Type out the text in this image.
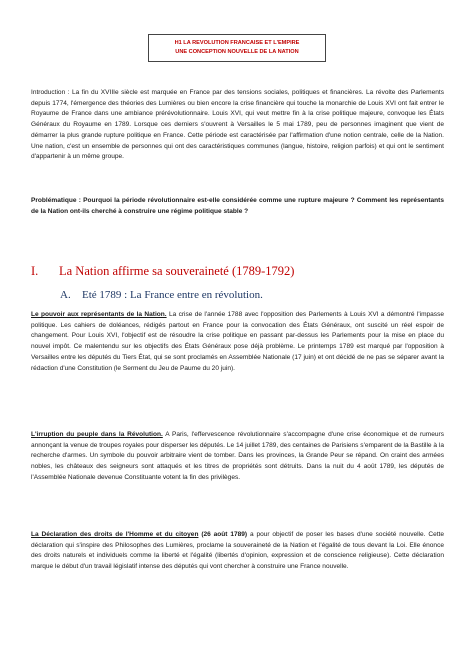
H1 LA REVOLUTION FRANCAISE ET L'EMPIRE
UNE CONCEPTION NOUVELLE DE LA NATION

Introduction : La fin du XVIIIe siècle est marquée en France par des tensions sociales, politiques et financières. La révolte des Parlements depuis 1774, l'émergence des théories des Lumières ou bien encore la crise financière qui touche la monarchie de Louis XVI ont fait entrer le Royaume de France dans une ambiance prérévolutionnaire. Louis XVI, qui veut mettre fin à la crise politique majeure, convoque les États Généraux du Royaume en 1789. Lorsque ces derniers s'ouvrent à Versailles le 5 mai 1789, peu de personnes imaginent que vient de démarrer la plus grande rupture politique en France. Cette période est caractérisée par l'affirmation d'une notion centrale, celle de la Nation. Une nation, c'est un ensemble de personnes qui ont des caractéristiques communes (langue, histoire, religion parfois) et qui ont le sentiment d'appartenir à un même groupe.

Problématique : Pourquoi la période révolutionnaire est-elle considérée comme une rupture majeure ? Comment les représentants de la Nation ont-ils cherché à construire une régime politique stable ?

I. La Nation affirme sa souveraineté (1789-1792)
A. Eté 1789 : La France entre en révolution.

Le pouvoir aux représentants de la Nation. La crise de l'année 1788 avec l'opposition des Parlements à Louis XVI a démontré l'impasse politique. Les cahiers de doléances, rédigés partout en France pour la convocation des États Généraux, ont suscité un réel espoir de changement. Pour Louis XVI, l'objectif est de résoudre la crise politique en passant par-dessus les Parlements pour la mise en place du nouvel impôt. Ce malentendu sur les objectifs des États Généraux pose déjà problème. Le printemps 1789 est marqué par l'opposition à Versailles entre les députés du Tiers État, qui se sont proclamés en Assemblée Nationale (17 juin) et ont décidé de ne pas se séparer avant la rédaction d'une Constitution (le Serment du Jeu de Paume du 20 juin).

L'irruption du peuple dans la Révolution. A Paris, l'effervescence révolutionnaire s'accompagne d'une crise économique et de rumeurs annonçant la venue de troupes royales pour disperser les députés. Le 14 juillet 1789, des centaines de Parisiens s'emparent de la Bastille à la recherche d'armes. Un symbole du pouvoir arbitraire vient de tomber. Dans les provinces, la Grande Peur se répand. On craint des armées nobles, les châteaux des seigneurs sont attaqués et les titres de propriétés sont détruits. Dans la nuit du 4 août 1789, les députés de l'Assemblée Nationale devenue Constituante votent la fin des privilèges.

La Déclaration des droits de l'Homme et du citoyen (26 août 1789) a pour objectif de poser les bases d'une société nouvelle. Cette déclaration qui s'inspire des Philosophes des Lumières, proclame la souveraineté de la Nation et l'égalité de tous devant la Loi. Elle énonce des droits naturels et individuels comme la liberté et l'égalité (libertés d'opinion, expression et de conscience religieuse). Cette déclaration marque le début d'un travail législatif intense des députés qui vont chercher à construire une France nouvelle.
